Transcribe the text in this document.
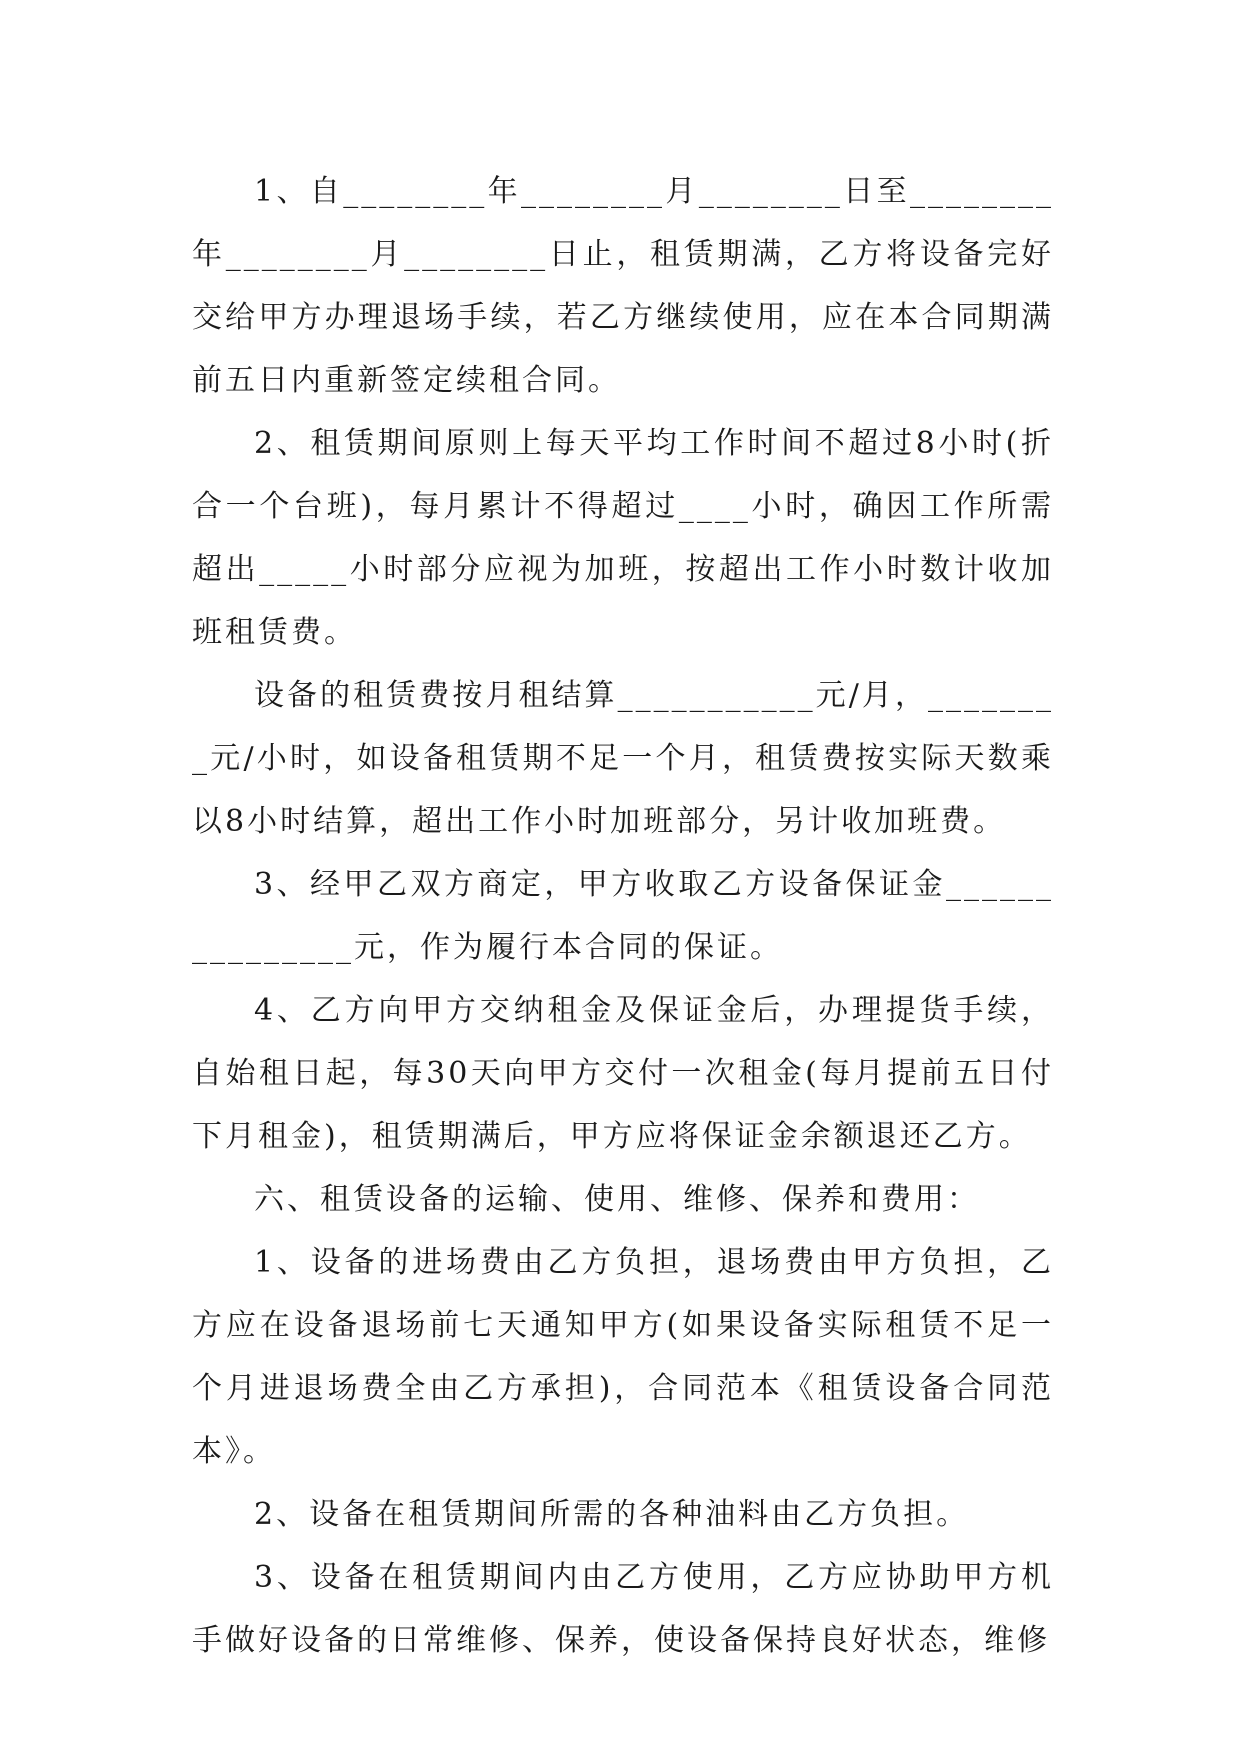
1、自________年________月________日至________年________月________日止，租赁期满，乙方将设备完好交给甲方办理退场手续，若乙方继续使用，应在本合同期满前五日内重新签定续租合同。

2、租赁期间原则上每天平均工作时间不超过8小时(折合一个台班)，每月累计不得超过____小时，确因工作所需超出_____小时部分应视为加班，按超出工作小时数计收加班租赁费。

设备的租赁费按月租结算___________元/月，________元/小时，如设备租赁期不足一个月，租赁费按实际天数乘以8小时结算，超出工作小时加班部分，另计收加班费。

3、经甲乙双方商定，甲方收取乙方设备保证金_______________元，作为履行本合同的保证。

4、乙方向甲方交纳租金及保证金后，办理提货手续，自始租日起，每30天向甲方交付一次租金(每月提前五日付下月租金)，租赁期满后，甲方应将保证金余额退还乙方。

六、租赁设备的运输、使用、维修、保养和费用：

1、设备的进场费由乙方负担，退场费由甲方负担，乙方应在设备退场前七天通知甲方(如果设备实际租赁不足一个月进退场费全由乙方承担)，合同范本《租赁设备合同范本》。

2、设备在租赁期间所需的各种油料由乙方负担。

3、设备在租赁期间内由乙方使用，乙方应协助甲方机手做好设备的日常维修、保养，使设备保持良好状态，维修
